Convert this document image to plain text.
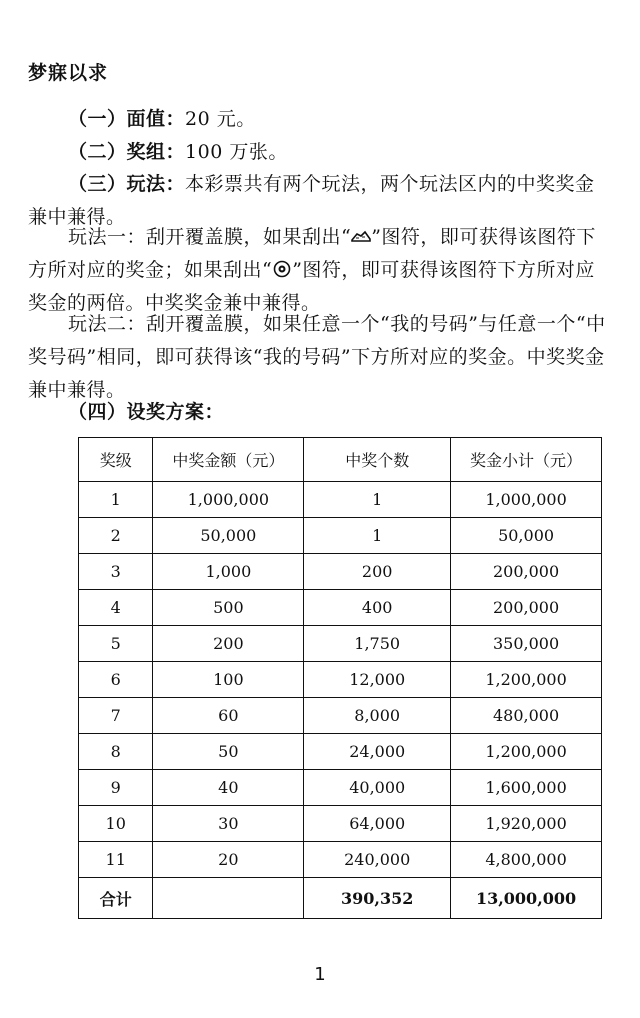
梦寐以求
（一）面值：20 元。
（二）奖组：100 万张。
（三）玩法：本彩票共有两个玩法，两个玩法区内的中奖奖金兼中兼得。
玩法一：刮开覆盖膜，如果刮出“ ”图符，即可获得该图符下方所对应的奖金；如果刮出“ ”图符，即可获得该图符下方所对应奖金的两倍。中奖奖金兼中兼得。
玩法二：刮开覆盖膜，如果任意一个“我的号码”与任意一个“中奖号码”相同，即可获得该“我的号码”下方所对应的奖金。中奖奖金兼中兼得。
（四）设奖方案：
奖级	中奖金额（元）	中奖个数	奖金小计（元）
1	1,000,000	1	1,000,000
2	50,000	1	50,000
3	1,000	200	200,000
4	500	400	200,000
5	200	1,750	350,000
6	100	12,000	1,200,000
7	60	8,000	480,000
8	50	24,000	1,200,000
9	40	40,000	1,600,000
10	30	64,000	1,920,000
11	20	240,000	4,800,000
合计		390,352	13,000,000
1
